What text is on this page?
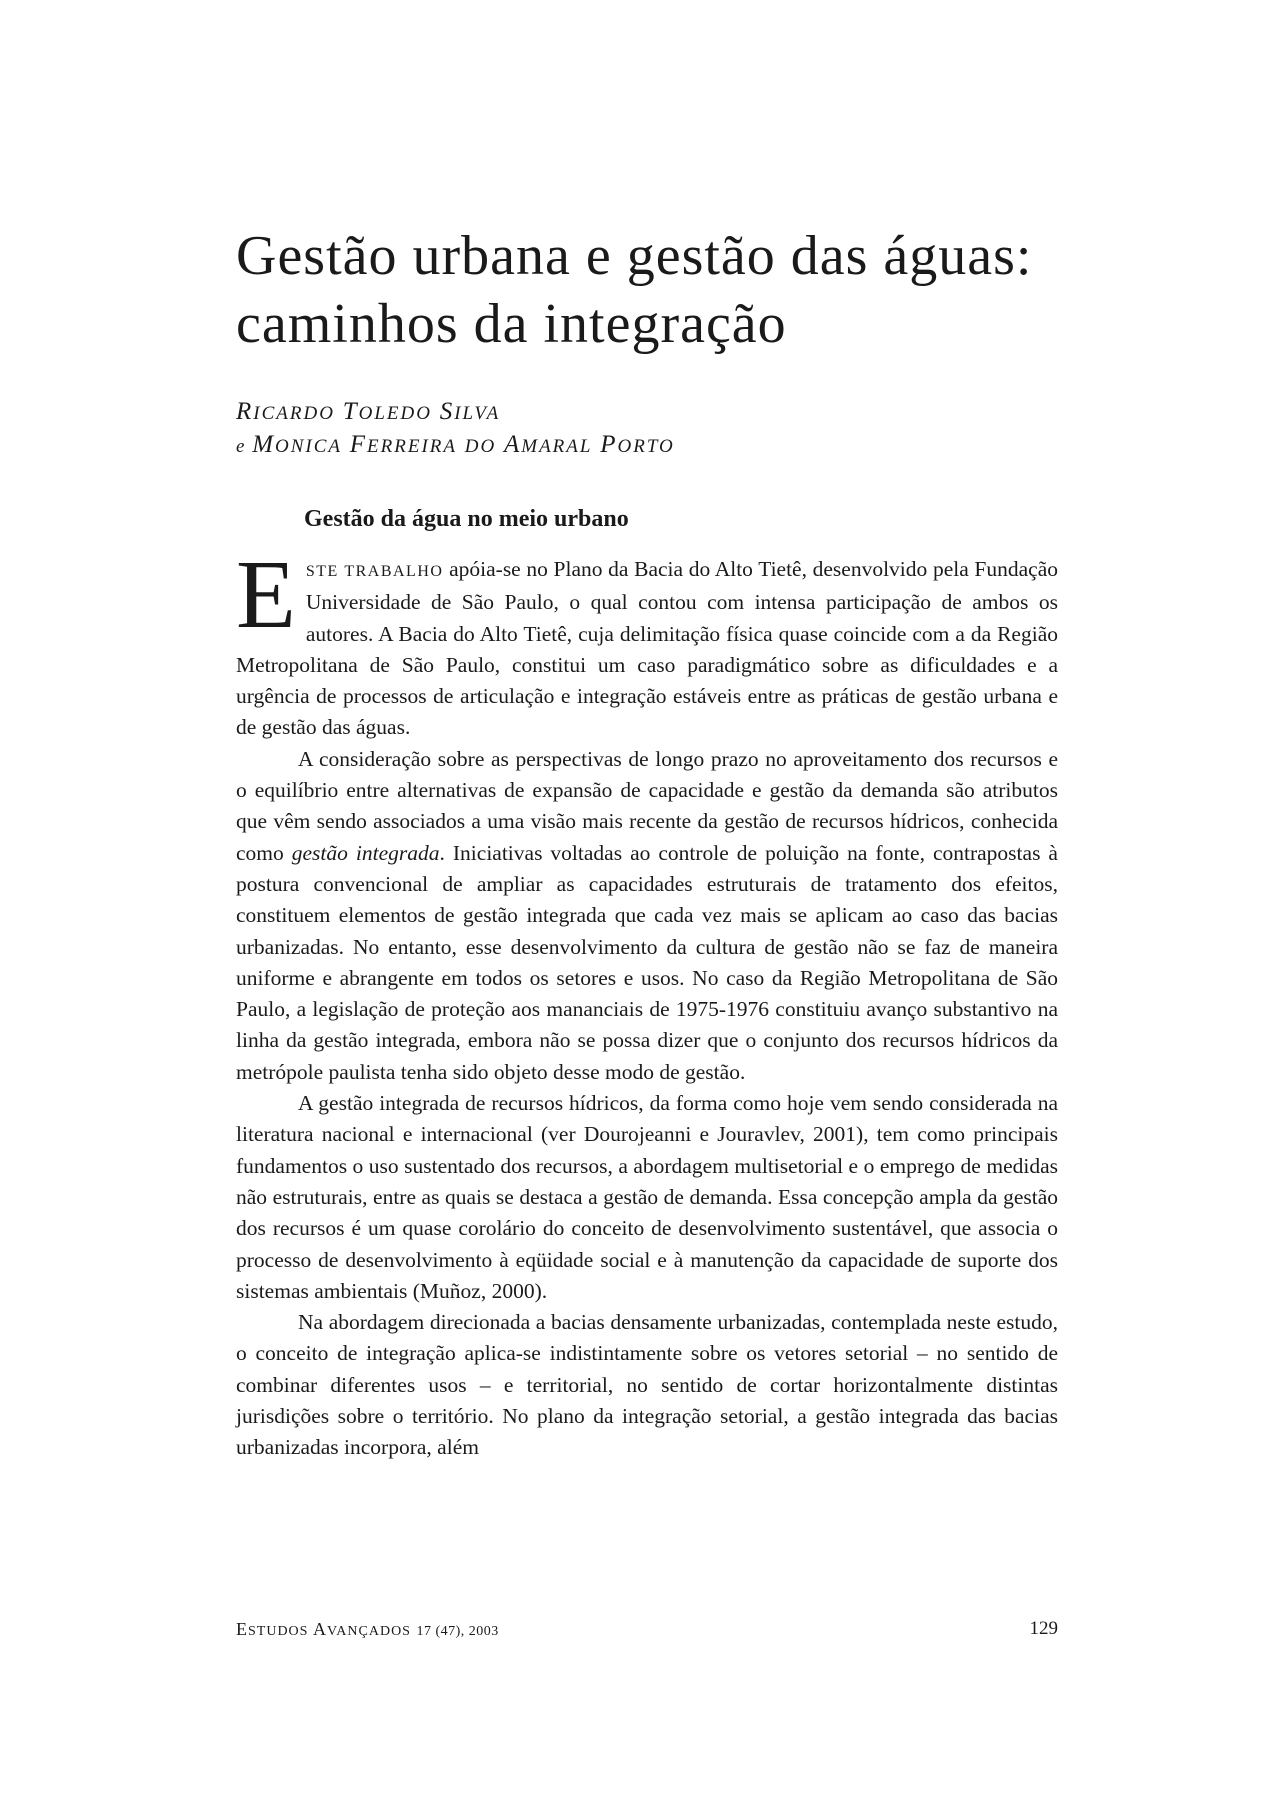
Gestão urbana e gestão das águas:
caminhos da integração
RICARDO TOLEDO SILVA
e MONICA FERREIRA DO AMARAL PORTO
Gestão da água no meio urbano

ESTE TRABALHO apóia-se no Plano da Bacia do Alto Tietê, desenvolvido pela Fundação Universidade de São Paulo, o qual contou com intensa participação de ambos os autores. A Bacia do Alto Tietê, cuja delimitação física quase coincide com a da Região Metropolitana de São Paulo, constitui um caso paradigmático sobre as dificuldades e a urgência de processos de articulação e integração estáveis entre as práticas de gestão urbana e de gestão das águas.

A consideração sobre as perspectivas de longo prazo no aproveitamento dos recursos e o equilíbrio entre alternativas de expansão de capacidade e gestão da demanda são atributos que vêm sendo associados a uma visão mais recente da gestão de recursos hídricos, conhecida como gestão integrada. Iniciativas voltadas ao controle de poluição na fonte, contrapostas à postura convencional de ampliar as capacidades estruturais de tratamento dos efeitos, constituem elementos de gestão integrada que cada vez mais se aplicam ao caso das bacias urbanizadas. No entanto, esse desenvolvimento da cultura de gestão não se faz de maneira uniforme e abrangente em todos os setores e usos. No caso da Região Metropolitana de São Paulo, a legislação de proteção aos mananciais de 1975-1976 constituiu avanço substantivo na linha da gestão integrada, embora não se possa dizer que o conjunto dos recursos hídricos da metrópole paulista tenha sido objeto desse modo de gestão.

A gestão integrada de recursos hídricos, da forma como hoje vem sendo considerada na literatura nacional e internacional (ver Dourojeanni e Jouravlev, 2001), tem como principais fundamentos o uso sustentado dos recursos, a abordagem multisetorial e o emprego de medidas não estruturais, entre as quais se destaca a gestão de demanda. Essa concepção ampla da gestão dos recursos é um quase corolário do conceito de desenvolvimento sustentável, que associa o processo de desenvolvimento à eqüidade social e à manutenção da capacidade de suporte dos sistemas ambientais (Muñoz, 2000).

Na abordagem direcionada a bacias densamente urbanizadas, contemplada neste estudo, o conceito de integração aplica-se indistintamente sobre os vetores setorial – no sentido de combinar diferentes usos – e territorial, no sentido de cortar horizontalmente distintas jurisdições sobre o território. No plano da integração setorial, a gestão integrada das bacias urbanizadas incorpora, além

ESTUDOS AVANÇADOS 17 (47), 2003	129
